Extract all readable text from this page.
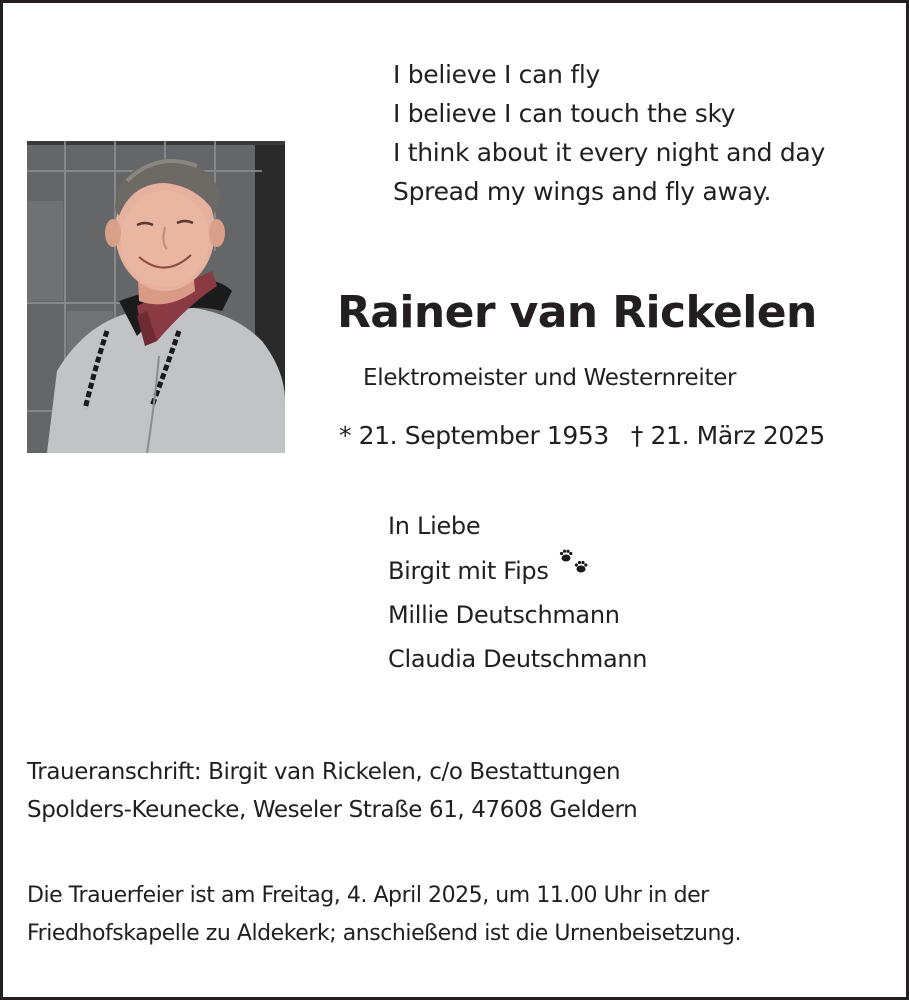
I believe I can fly
I believe I can touch the sky
I think about it every night and day
Spread my wings and fly away.
Rainer van Rickelen
Elektromeister und Westernreiter
* 21. September 1953 † 21. März 2025
In Liebe
Birgit mit Fips
Millie Deutschmann
Claudia Deutschmann
Traueranschrift: Birgit van Rickelen, c/o Bestattungen
Spolders-Keunecke, Weseler Straße 61, 47608 Geldern
Die Trauerfeier ist am Freitag, 4. April 2025, um 11.00 Uhr in der
Friedhofskapelle zu Aldekerk; anschießend ist die Urnenbeisetzung.
